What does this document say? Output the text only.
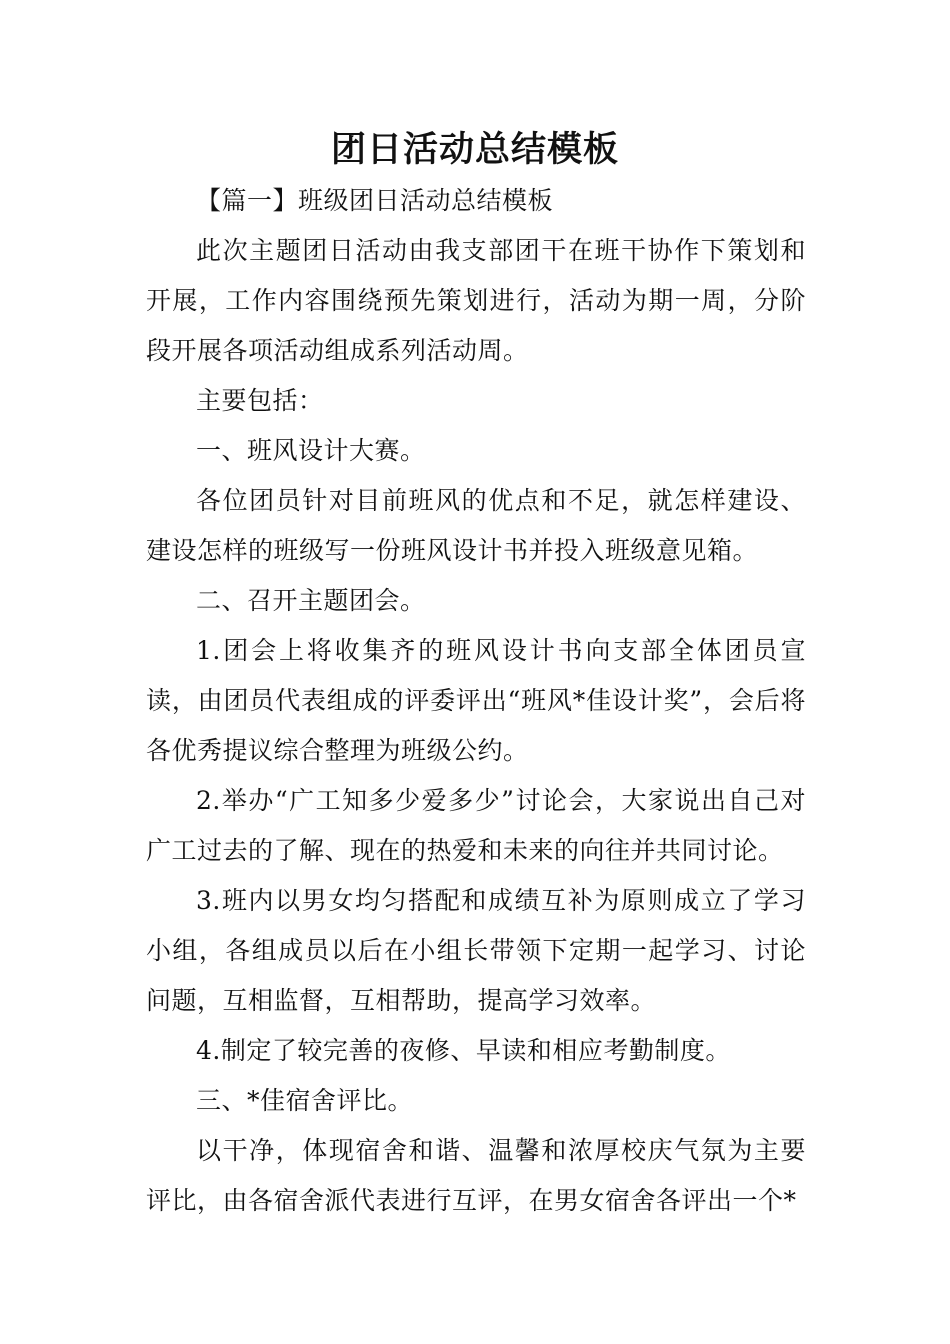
团日活动总结模板

【篇一】班级团日活动总结模板

此次主题团日活动由我支部团干在班干协作下策划和开展，工作内容围绕预先策划进行，活动为期一周，分阶段开展各项活动组成系列活动周。

主要包括：

一、班风设计大赛。

各位团员针对目前班风的优点和不足，就怎样建设、建设怎样的班级写一份班风设计书并投入班级意见箱。

二、召开主题团会。

1.团会上将收集齐的班风设计书向支部全体团员宣读，由团员代表组成的评委评出“班风*佳设计奖”，会后将各优秀提议综合整理为班级公约。

2.举办“广工知多少爱多少”讨论会，大家说出自己对广工过去的了解、现在的热爱和未来的向往并共同讨论。

3.班内以男女均匀搭配和成绩互补为原则成立了学习小组，各组成员以后在小组长带领下定期一起学习、讨论问题，互相监督，互相帮助，提高学习效率。

4.制定了较完善的夜修、早读和相应考勤制度。

三、*佳宿舍评比。

以干净，体现宿舍和谐、温馨和浓厚校庆气氛为主要评比，由各宿舍派代表进行互评，在男女宿舍各评出一个*
